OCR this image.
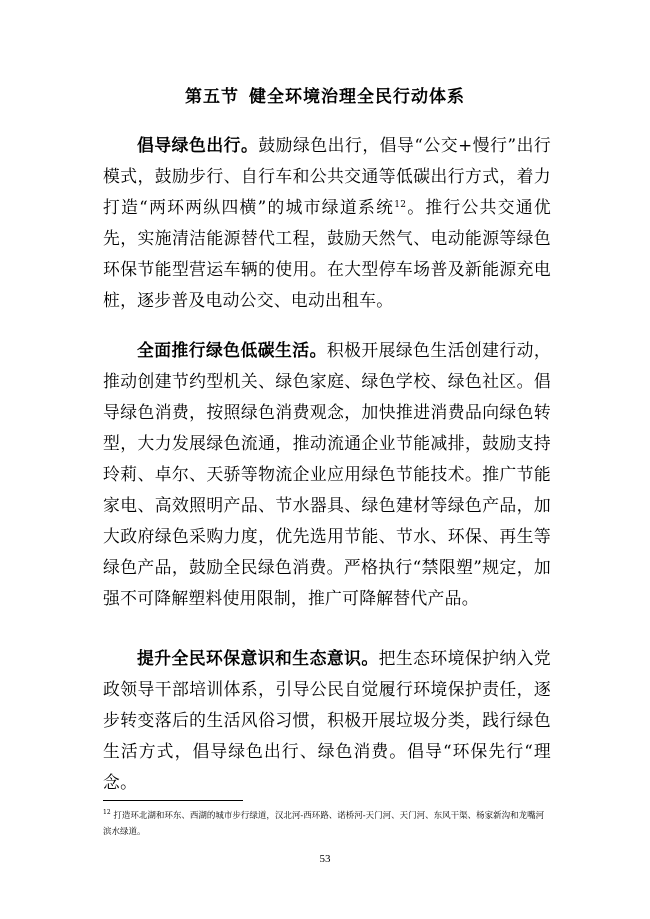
第五节 健全环境治理全民行动体系

倡导绿色出行。鼓励绿色出行，倡导“公交+慢行”出行模式，鼓励步行、自行车和公共交通等低碳出行方式，着力打造“两环两纵四横”的城市绿道系统$^{12}$。推行公共交通优先，实施清洁能源替代工程，鼓励天然气、电动能源等绿色环保节能型营运车辆的使用。在大型停车场普及新能源充电桩，逐步普及电动公交、电动出租车。

全面推行绿色低碳生活。积极开展绿色生活创建行动，推动创建节约型机关、绿色家庭、绿色学校、绿色社区。倡导绿色消费，按照绿色消费观念，加快推进消费品向绿色转型，大力发展绿色流通，推动流通企业节能减排，鼓励支持玲莉、卓尔、天骄等物流企业应用绿色节能技术。推广节能家电、高效照明产品、节水器具、绿色建材等绿色产品，加大政府绿色采购力度，优先选用节能、节水、环保、再生等绿色产品，鼓励全民绿色消费。严格执行“禁限塑”规定，加强不可降解塑料使用限制，推广可降解替代产品。

提升全民环保意识和生态意识。把生态环境保护纳入党政领导干部培训体系，引导公民自觉履行环境保护责任，逐步转变落后的生活风俗习惯，积极开展垃圾分类，践行绿色生活方式，倡导绿色出行、绿色消费。倡导“环保先行“理念。

$^{12}$ 打造环北湖和环东、西湖的城市步行绿道，汉北河-西环路、诺桥河-天门河、天门河、东风干渠、杨家新沟和龙嘴河滨水绿道。

53
